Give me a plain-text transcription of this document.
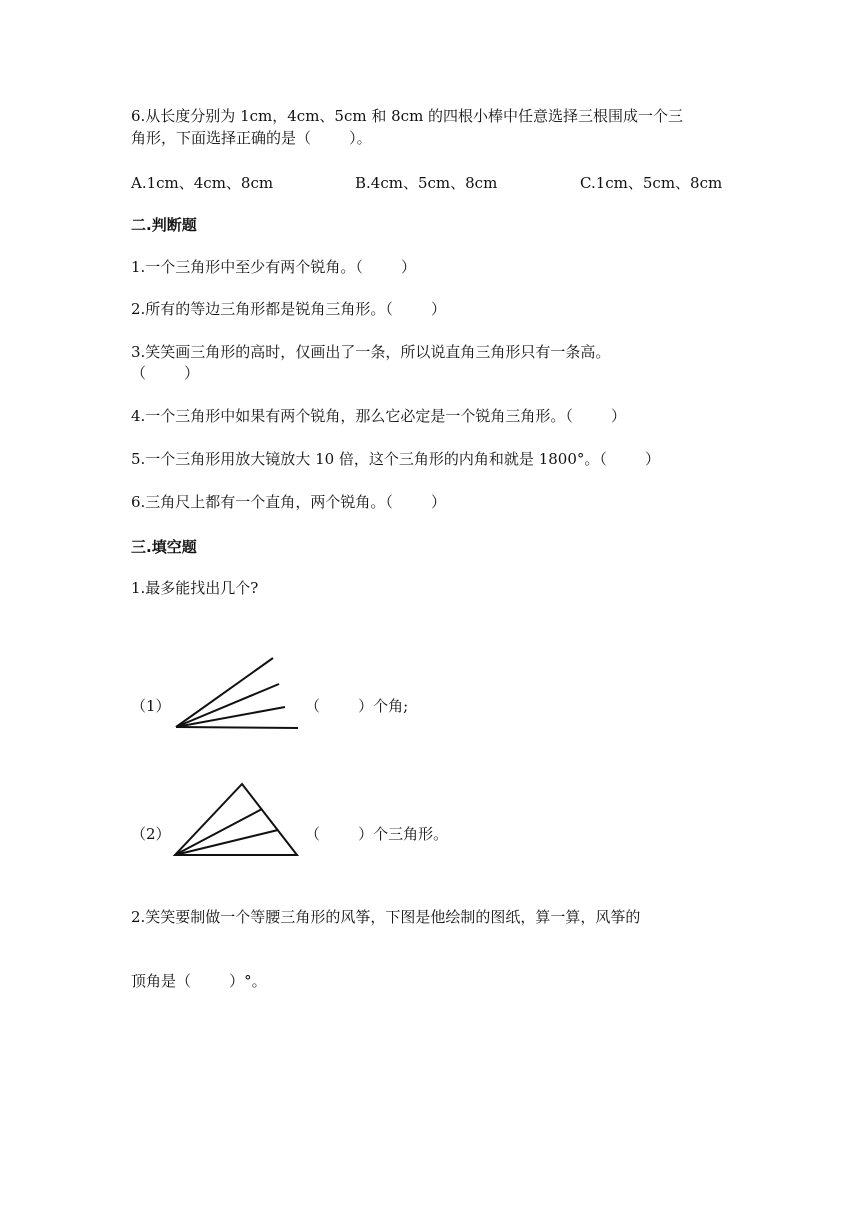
6.从长度分别为 1cm，4cm、5cm 和 8cm 的四根小棒中任意选择三根围成一个三
角形，下面选择正确的是（        ）。
A.1cm、4cm、8cm	B.4cm、5cm、8cm	C.1cm、5cm、8cm
二.判断题
1.一个三角形中至少有两个锐角。（        ）
2.所有的等边三角形都是锐角三角形。（        ）
3.笑笑画三角形的高时，仅画出了一条，所以说直角三角形只有一条高。
（        ）
4.一个三角形中如果有两个锐角，那么它必定是一个锐角三角形。（        ）
5.一个三角形用放大镜放大 10 倍，这个三角形的内角和就是 1800°。（        ）
6.三角尺上都有一个直角，两个锐角。（        ）
三.填空题
1.最多能找出几个?
（1）	（        ）个角;
（2）	（        ）个三角形。
2.笑笑要制做一个等腰三角形的风筝，下图是他绘制的图纸，算一算，风筝的
顶角是（        ）°。
